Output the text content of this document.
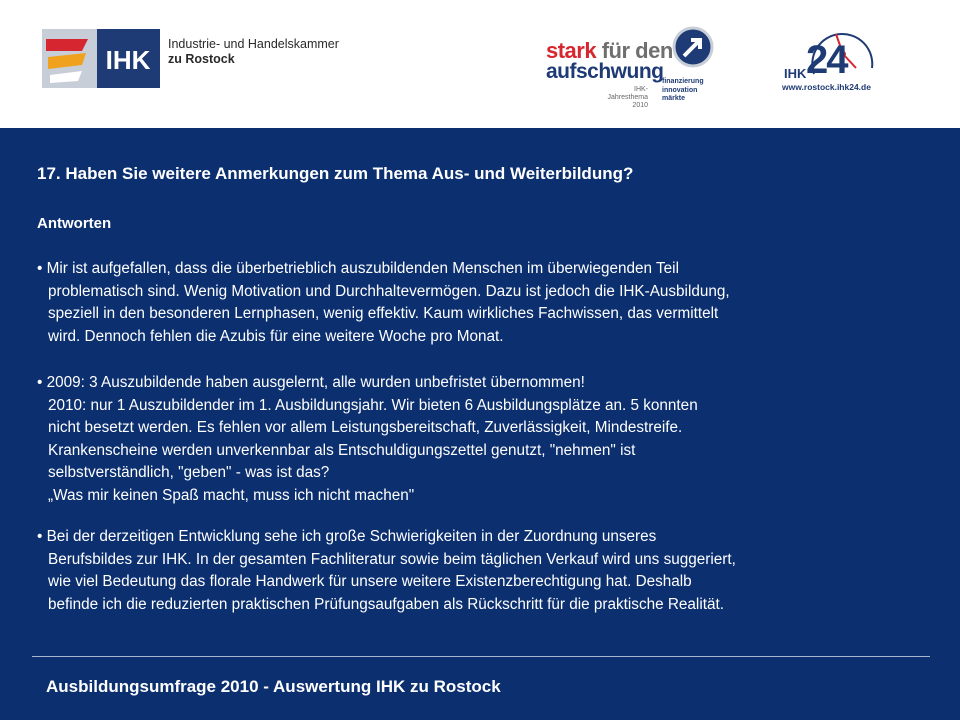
IHK
Industrie- und Handelskammer
zu Rostock	stark für den
aufschwung
IHK-Jahresthema 2010
finanzierung
innovation
märkte
IHK 24
www.rostock.ihk24.de
17. Haben Sie weitere Anmerkungen zum Thema Aus- und Weiterbildung?
Antworten

• Mir ist aufgefallen, dass die überbetrieblich auszubildenden Menschen im überwiegenden Teil

problematisch sind. Wenig Motivation und Durchhaltevermögen. Dazu ist jedoch die IHK-Ausbildung,

speziell in den besonderen Lernphasen, wenig effektiv. Kaum wirkliches Fachwissen, das vermittelt

wird. Dennoch fehlen die Azubis für eine weitere Woche pro Monat.

• 2009: 3 Auszubildende haben ausgelernt, alle wurden unbefristet übernommen!

2010: nur 1 Auszubildender im 1. Ausbildungsjahr. Wir bieten 6 Ausbildungsplätze an. 5 konnten

nicht besetzt werden. Es fehlen vor allem Leistungsbereitschaft, Zuverlässigkeit, Mindestreife.

Krankenscheine werden unverkennbar als Entschuldigungszettel genutzt, "nehmen" ist

selbstverständlich, "geben" - was ist das?

„Was mir keinen Spaß macht, muss ich nicht machen"

• Bei der derzeitigen Entwicklung sehe ich große Schwierigkeiten in der Zuordnung unseres

Berufsbildes zur IHK. In der gesamten Fachliteratur sowie beim täglichen Verkauf wird uns suggeriert,

wie viel Bedeutung das florale Handwerk für unsere weitere Existenzberechtigung hat. Deshalb

befinde ich die reduzierten praktischen Prüfungsaufgaben als Rückschritt für die praktische Realität.

Ausbildungsumfrage 2010 - Auswertung IHK zu Rostock
